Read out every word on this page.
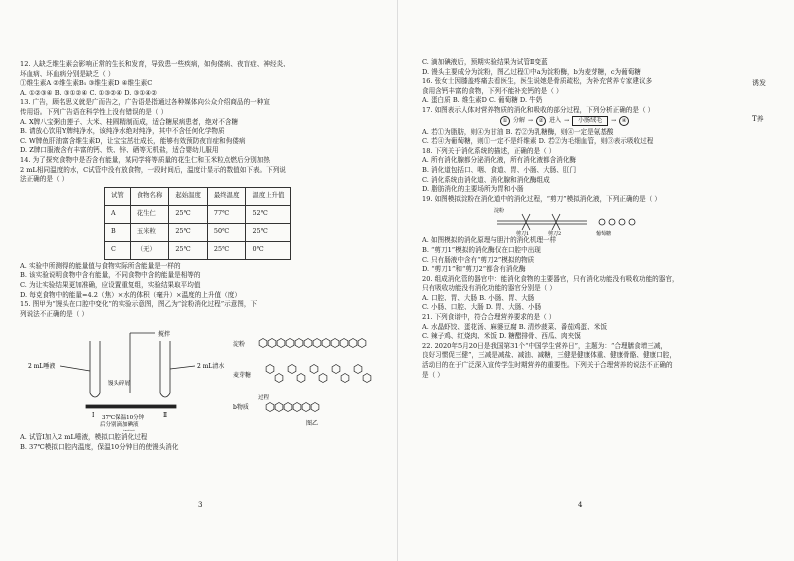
12. 人缺乏维生素会影响正常的生长和发育，导致患一些疾病，如佝偻病、夜盲症、神经炎、
坏血病、坏血病分别是缺乏（ ）
①维生素A ②维生素B₁ ③维生素D ④维生素C
A. ①②③④ B. ③①②④ C. ①③②④ D. ③①④②
13. 广告，顾名思义就是广而告之，广告语是指通过各种媒体向公众介绍商品的一种宣
传用语。下列广告语在科学性上没有错误的是（ ）
A. X牌八宝粥由莲子、大米、桂圆精制而成，适合糖尿病患者，绝对不含糖
B. 请放心饮用Y牌纯净水，该纯净水绝对纯净，其中不含任何化学物质
C. W牌鱼肝油富含维生素D，让宝宝茁壮成长，能够有效预防夜盲症和佝偻病
D. Z牌口服液含有丰富的钙、铁、锌、硒等无机盐，适合婴幼儿服用
14. 为了探究食物中是否含有能量，某同学将等质量的花生仁和玉米粒点燃后分别加热
2 mL相同温度的水，C试管中没有放食物，一段时间后，温度计显示的数值如下表。下列说
法正确的是（ ）
试管	食物名称	起始温度	最终温度	温度上升值
A	花生仁	25℃	77℃	52℃
B	玉米粒	25℃	50℃	25℃
C	（无）	25℃	25℃	0℃
A. 实验中所测得的能量值与食物实际所含能量是一样的
B. 该实验说明食物中含有能量，不同食物中含的能量是相等的
C. 为让实验结果更加准确，应设置重复组，实验结果取平均值
D. 每克食物中的能量=4.2（焦）×水的体积（毫升）×温度的上升值（度）
15. 图甲为“馒头在口腔中变化”的实验示意图，图乙为“淀粉消化过程”示意图，下
列说法不正确的是（ ）
搅拌
2 mL唾液	2 mL清水
馒头碎屑
Ⅰ	Ⅱ
37℃保温10分钟
后分别滴加碘液
淀粉
麦芽糖
b物质
过程
图乙
A. 试管Ⅰ加入2 mL唾液，模拟口腔消化过程
B. 37℃模拟口腔内温度，保温10分钟目的使馒头消化
3
C. 滴加碘液后，预期实验结果为试管Ⅱ变蓝
D. 馒头主要成分为淀粉，图乙过程①中a为淀粉酶，b为麦芽糖，c为葡萄糖
16. 张女士因膝盖疼痛去看医生，医生说她是骨质疏松，为补充营养专家建议多
食用含钙丰富的食物，下列不能补充钙的是（ ）
A. 蛋白质 B. 维生素D C. 葡萄糖 D. 牛奶
17. 如图表示人体对营养物质的消化和吸收的部分过程，下列分析正确的是（ ）
① 分解 →	② 进入 →	小肠绒毛	→	④
A. 若①为脂肪，则④为甘油 B. 若②为乳糖酶，则④一定是氨基酸
C. 若④为葡萄糖，则①一定不是纤维素 D. 若②为毛细血管，则③表示吸收过程
18. 下列关于消化系统的描述，正确的是（ ）
A. 所有消化腺都分泌消化液，所有消化液都含消化酶
B. 消化道包括口、咽、食道、胃、小肠、大肠、肛门
C. 消化系统由消化道、消化腺和消化酶组成
D. 脂肪消化的主要场所为胃和小肠
19. 如图模拟淀粉在消化道中的消化过程，“剪刀”模拟消化液，下列正确的是（ ）
淀粉
剪刀1	剪刀2	葡萄糖
A. 如图模拟的消化原理与胆汁的消化机理一样
B. “剪刀1”模拟的消化酶仅在口腔中出现
C. 只有肠液中含有“剪刀2”模拟的物质
D. “剪刀1”和“剪刀2”都含有消化酶
20. 组成消化管的器官中：能消化食物的主要器官，只有消化功能没有吸收功能的器官，
只有吸收功能没有消化功能的器官分别是（ ）
A. 口腔、胃、大肠 B. 小肠、胃、大肠
C. 小肠、口腔、大肠 D. 胃、大肠、小肠
21. 下列食谱中，符合合理营养要求的是（ ）
A. 水晶虾饺、蛋花汤、麻婆豆腐 B. 清炒菠菜、番茄鸡蛋、米饭
C. 辣子鸡、红烧肉、米饭 D. 糖醋排骨、西瓜、肉夹馍
22. 2020年5月20日是我国第31个“中国学生营养日”，主题为：“合理膳食增三减，
良好习惯促三健”，三减是减盐、减油、减糖，三健是健康体重、健康骨骼、健康口腔，
活动目的在于广泛深入宣传学生时期营养的重要性。下列关于合理营养的说法不正确的
是（ ）
4
诱发
T养
